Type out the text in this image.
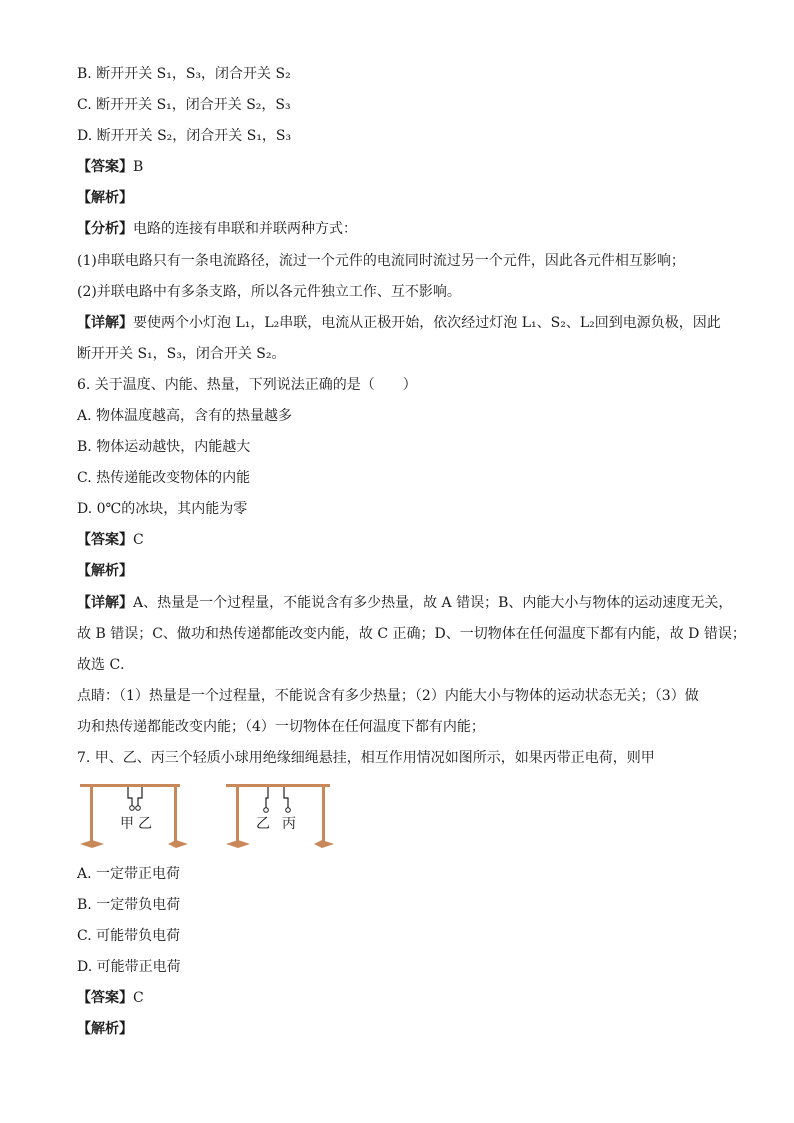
B. 断开开关 S₁，S₃，闭合开关 S₂
C. 断开开关 S₁，闭合开关 S₂，S₃
D. 断开开关 S₂，闭合开关 S₁，S₃
【答案】B
【解析】
【分析】电路的连接有串联和并联两种方式：
(1)串联电路只有一条电流路径，流过一个元件的电流同时流过另一个元件，因此各元件相互影响；
(2)并联电路中有多条支路，所以各元件独立工作、互不影响。
【详解】要使两个小灯泡 L₁，L₂串联，电流从正极开始，依次经过灯泡 L₁、S₂、L₂回到电源负极，因此
断开开关 S₁，S₃，闭合开关 S₂。
6. 关于温度、内能、热量，下列说法正确的是（　　）
A. 物体温度越高，含有的热量越多
B. 物体运动越快，内能越大
C. 热传递能改变物体的内能
D. 0℃的冰块，其内能为零
【答案】C
【解析】
【详解】A、热量是一个过程量，不能说含有多少热量，故 A 错误；B、内能大小与物体的运动速度无关，
故 B 错误；C、做功和热传递都能改变内能，故 C 正确；D、一切物体在任何温度下都有内能，故 D 错误；
故选 C．
点睛：（1）热量是一个过程量，不能说含有多少热量；（2）内能大小与物体的运动状态无关；（3）做
功和热传递都能改变内能；（4）一切物体在任何温度下都有内能；
7. 甲、乙、丙三个轻质小球用绝缘细绳悬挂，相互作用情况如图所示，如果丙带正电荷，则甲
甲 乙	乙 丙
A. 一定带正电荷
B. 一定带负电荷
C. 可能带负电荷
D. 可能带正电荷
【答案】C
【解析】
